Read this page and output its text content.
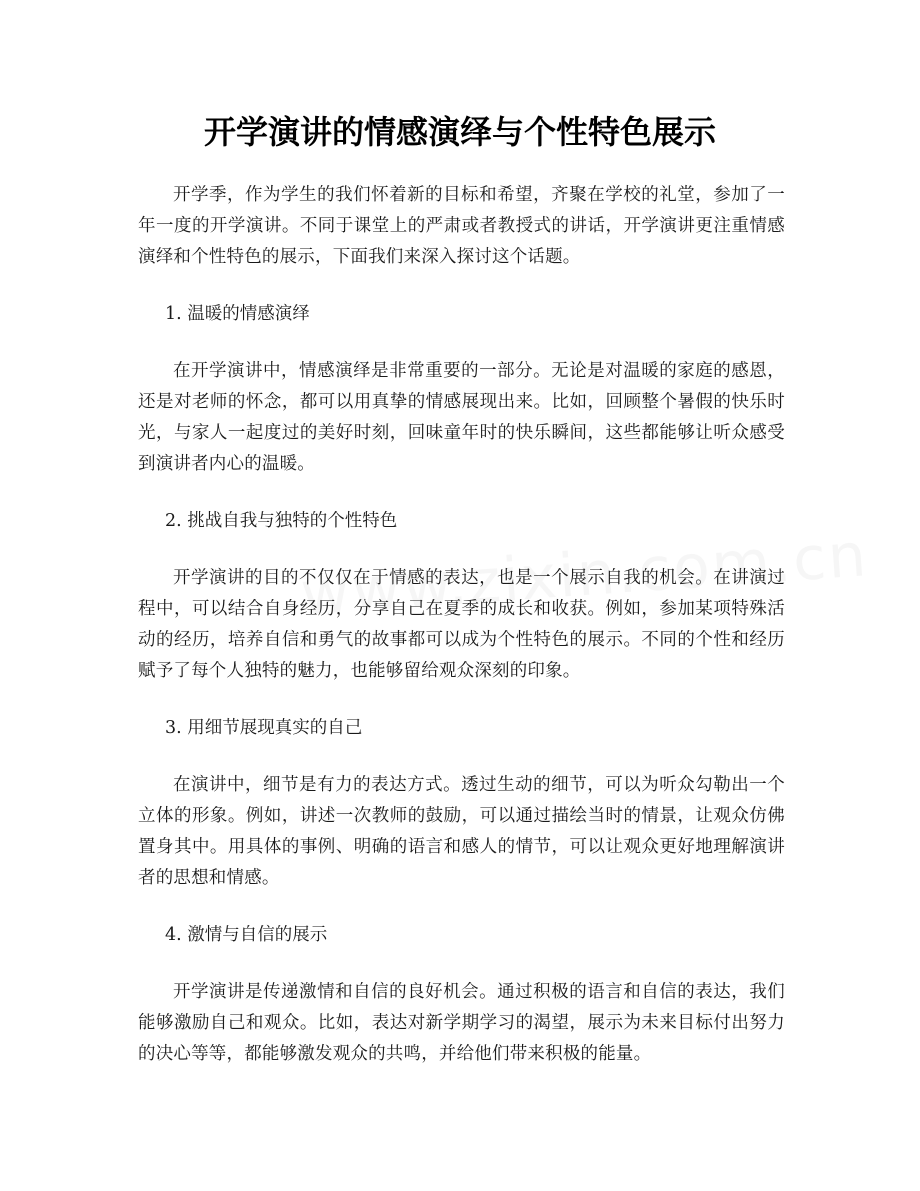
开学演讲的情感演绎与个性特色展示

开学季，作为学生的我们怀着新的目标和希望，齐聚在学校的礼堂，参加了一年一度的开学演讲。不同于课堂上的严肃或者教授式的讲话，开学演讲更注重情感演绎和个性特色的展示，下面我们来深入探讨这个话题。

1. 温暖的情感演绎

在开学演讲中，情感演绎是非常重要的一部分。无论是对温暖的家庭的感恩，还是对老师的怀念，都可以用真挚的情感展现出来。比如，回顾整个暑假的快乐时光，与家人一起度过的美好时刻，回味童年时的快乐瞬间，这些都能够让听众感受到演讲者内心的温暖。

2. 挑战自我与独特的个性特色

开学演讲的目的不仅仅在于情感的表达，也是一个展示自我的机会。在讲演过程中，可以结合自身经历，分享自己在夏季的成长和收获。例如，参加某项特殊活动的经历，培养自信和勇气的故事都可以成为个性特色的展示。不同的个性和经历赋予了每个人独特的魅力，也能够留给观众深刻的印象。

3. 用细节展现真实的自己

在演讲中，细节是有力的表达方式。透过生动的细节，可以为听众勾勒出一个立体的形象。例如，讲述一次教师的鼓励，可以通过描绘当时的情景，让观众仿佛置身其中。用具体的事例、明确的语言和感人的情节，可以让观众更好地理解演讲者的思想和情感。

4. 激情与自信的展示

开学演讲是传递激情和自信的良好机会。通过积极的语言和自信的表达，我们能够激励自己和观众。比如，表达对新学期学习的渴望，展示为未来目标付出努力的决心等等，都能够激发观众的共鸣，并给他们带来积极的能量。
